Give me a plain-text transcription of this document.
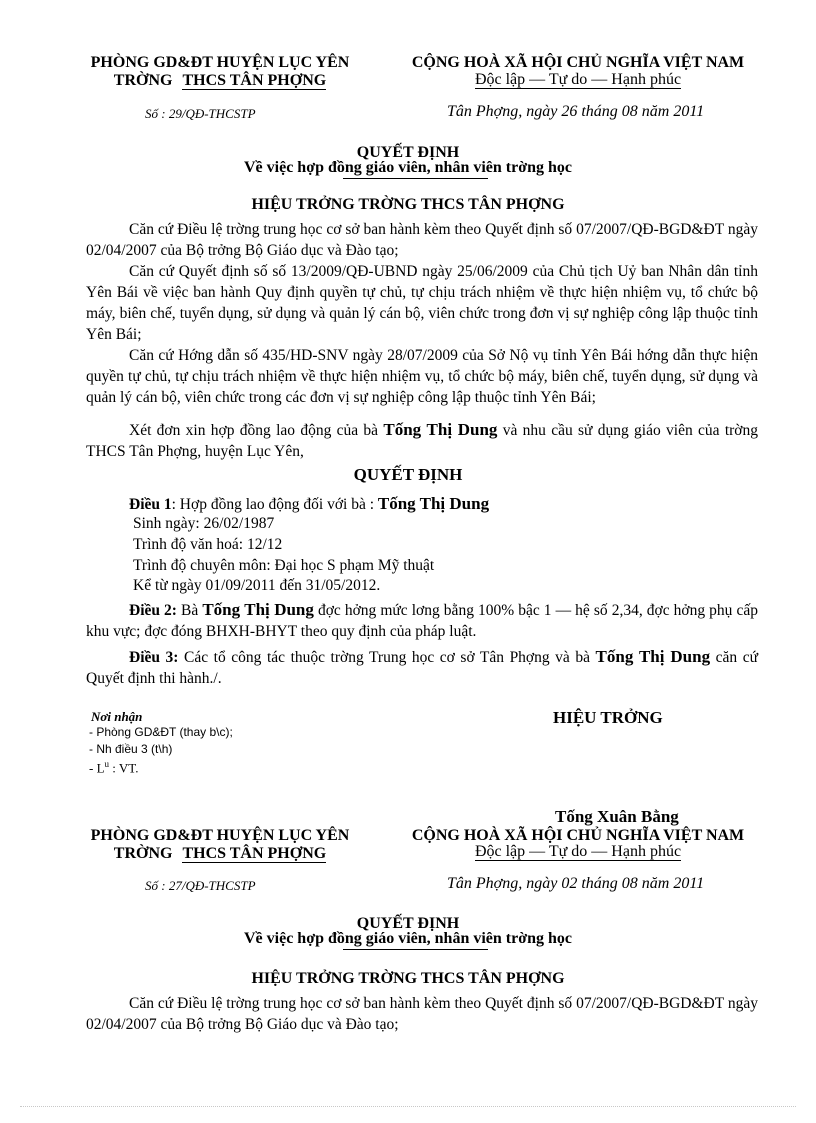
PHÒNG GD&ĐT HUYỆN LỤC YÊN
TRỜNG THCS TÂN PHỢNG
CỘNG HOÀ XÃ HỘI CHỦ NGHĨA VIỆT NAM
Độc lập — Tự do — Hạnh phúc
Số : 29/QĐ-THCSTP	Tân Phợng, ngày 26 tháng 08 năm 2011
QUYẾT ĐỊNH
Về việc hợp đồng giáo viên, nhân viên trờng học
HIỆU TRỞNG TRỜNG THCS TÂN PHỢNG
Căn cứ Điều lệ trờng trung học cơ sở ban hành kèm theo Quyết định số 07/2007/QĐ-BGD&ĐT ngày 02/04/2007 của Bộ trởng Bộ Giáo dục và Đào tạo;
Căn cứ Quyết định số số 13/2009/QĐ-UBND ngày 25/06/2009 của Chủ tịch Uỷ ban Nhân dân tỉnh Yên Bái về việc ban hành Quy định quyền tự chủ, tự chịu trách nhiệm về thực hiện nhiệm vụ, tổ chức bộ máy, biên chế, tuyển dụng, sử dụng và quản lý cán bộ, viên chức trong đơn vị sự nghiệp công lập thuộc tỉnh Yên Bái;
Căn cứ Hớng dẫn số 435/HD-SNV ngày 28/07/2009 của Sở Nộ vụ tỉnh Yên Bái hớng dẫn thực hiện quyền tự chủ, tự chịu trách nhiệm về thực hiện nhiệm vụ, tổ chức bộ máy, biên chế, tuyển dụng, sử dụng và quản lý cán bộ, viên chức trong các đơn vị sự nghiệp công lập thuộc tỉnh Yên Bái;
Xét đơn xin hợp đồng lao động của bà Tống Thị Dung và nhu cầu sử dụng giáo viên của trờng THCS Tân Phợng, huyện Lục Yên,
QUYẾT ĐỊNH
Điều 1: Hợp đồng lao động đối với bà : Tống Thị Dung
Sinh ngày: 26/02/1987
Trình độ văn hoá: 12/12
Trình độ chuyên môn: Đại học S phạm Mỹ thuật
Kể từ ngày 01/09/2011 đến 31/05/2012.
Điều 2: Bà Tống Thị Dung đợc hởng mức lơng bằng 100% bậc 1 — hệ số 2,34, đợc hởng phụ cấp khu vực; đợc đóng BHXH-BHYT theo quy định của pháp luật.
Điều 3: Các tổ công tác thuộc trờng Trung học cơ sở Tân Phợng và bà Tống Thị Dung căn cứ Quyết định thi hành./.
Nơi nhận
- Phòng GD&ĐT (thay b\c);
- Nh điều 3 (t\h)
- $L^u$ : VT.
HIỆU TRỞNG
Tống Xuân Bằng
PHÒNG GD&ĐT HUYỆN LỤC YÊN
TRỜNG THCS TÂN PHỢNG
CỘNG HOÀ XÃ HỘI CHỦ NGHĨA VIỆT NAM
Độc lập — Tự do — Hạnh phúc
Số : 27/QĐ-THCSTP	Tân Phợng, ngày 02 tháng 08 năm 2011
QUYẾT ĐỊNH
Về việc hợp đồng giáo viên, nhân viên trờng học
HIỆU TRỞNG TRỜNG THCS TÂN PHỢNG
Căn cứ Điều lệ trờng trung học cơ sở ban hành kèm theo Quyết định số 07/2007/QĐ-BGD&ĐT ngày 02/04/2007 của Bộ trởng Bộ Giáo dục và Đào tạo;
